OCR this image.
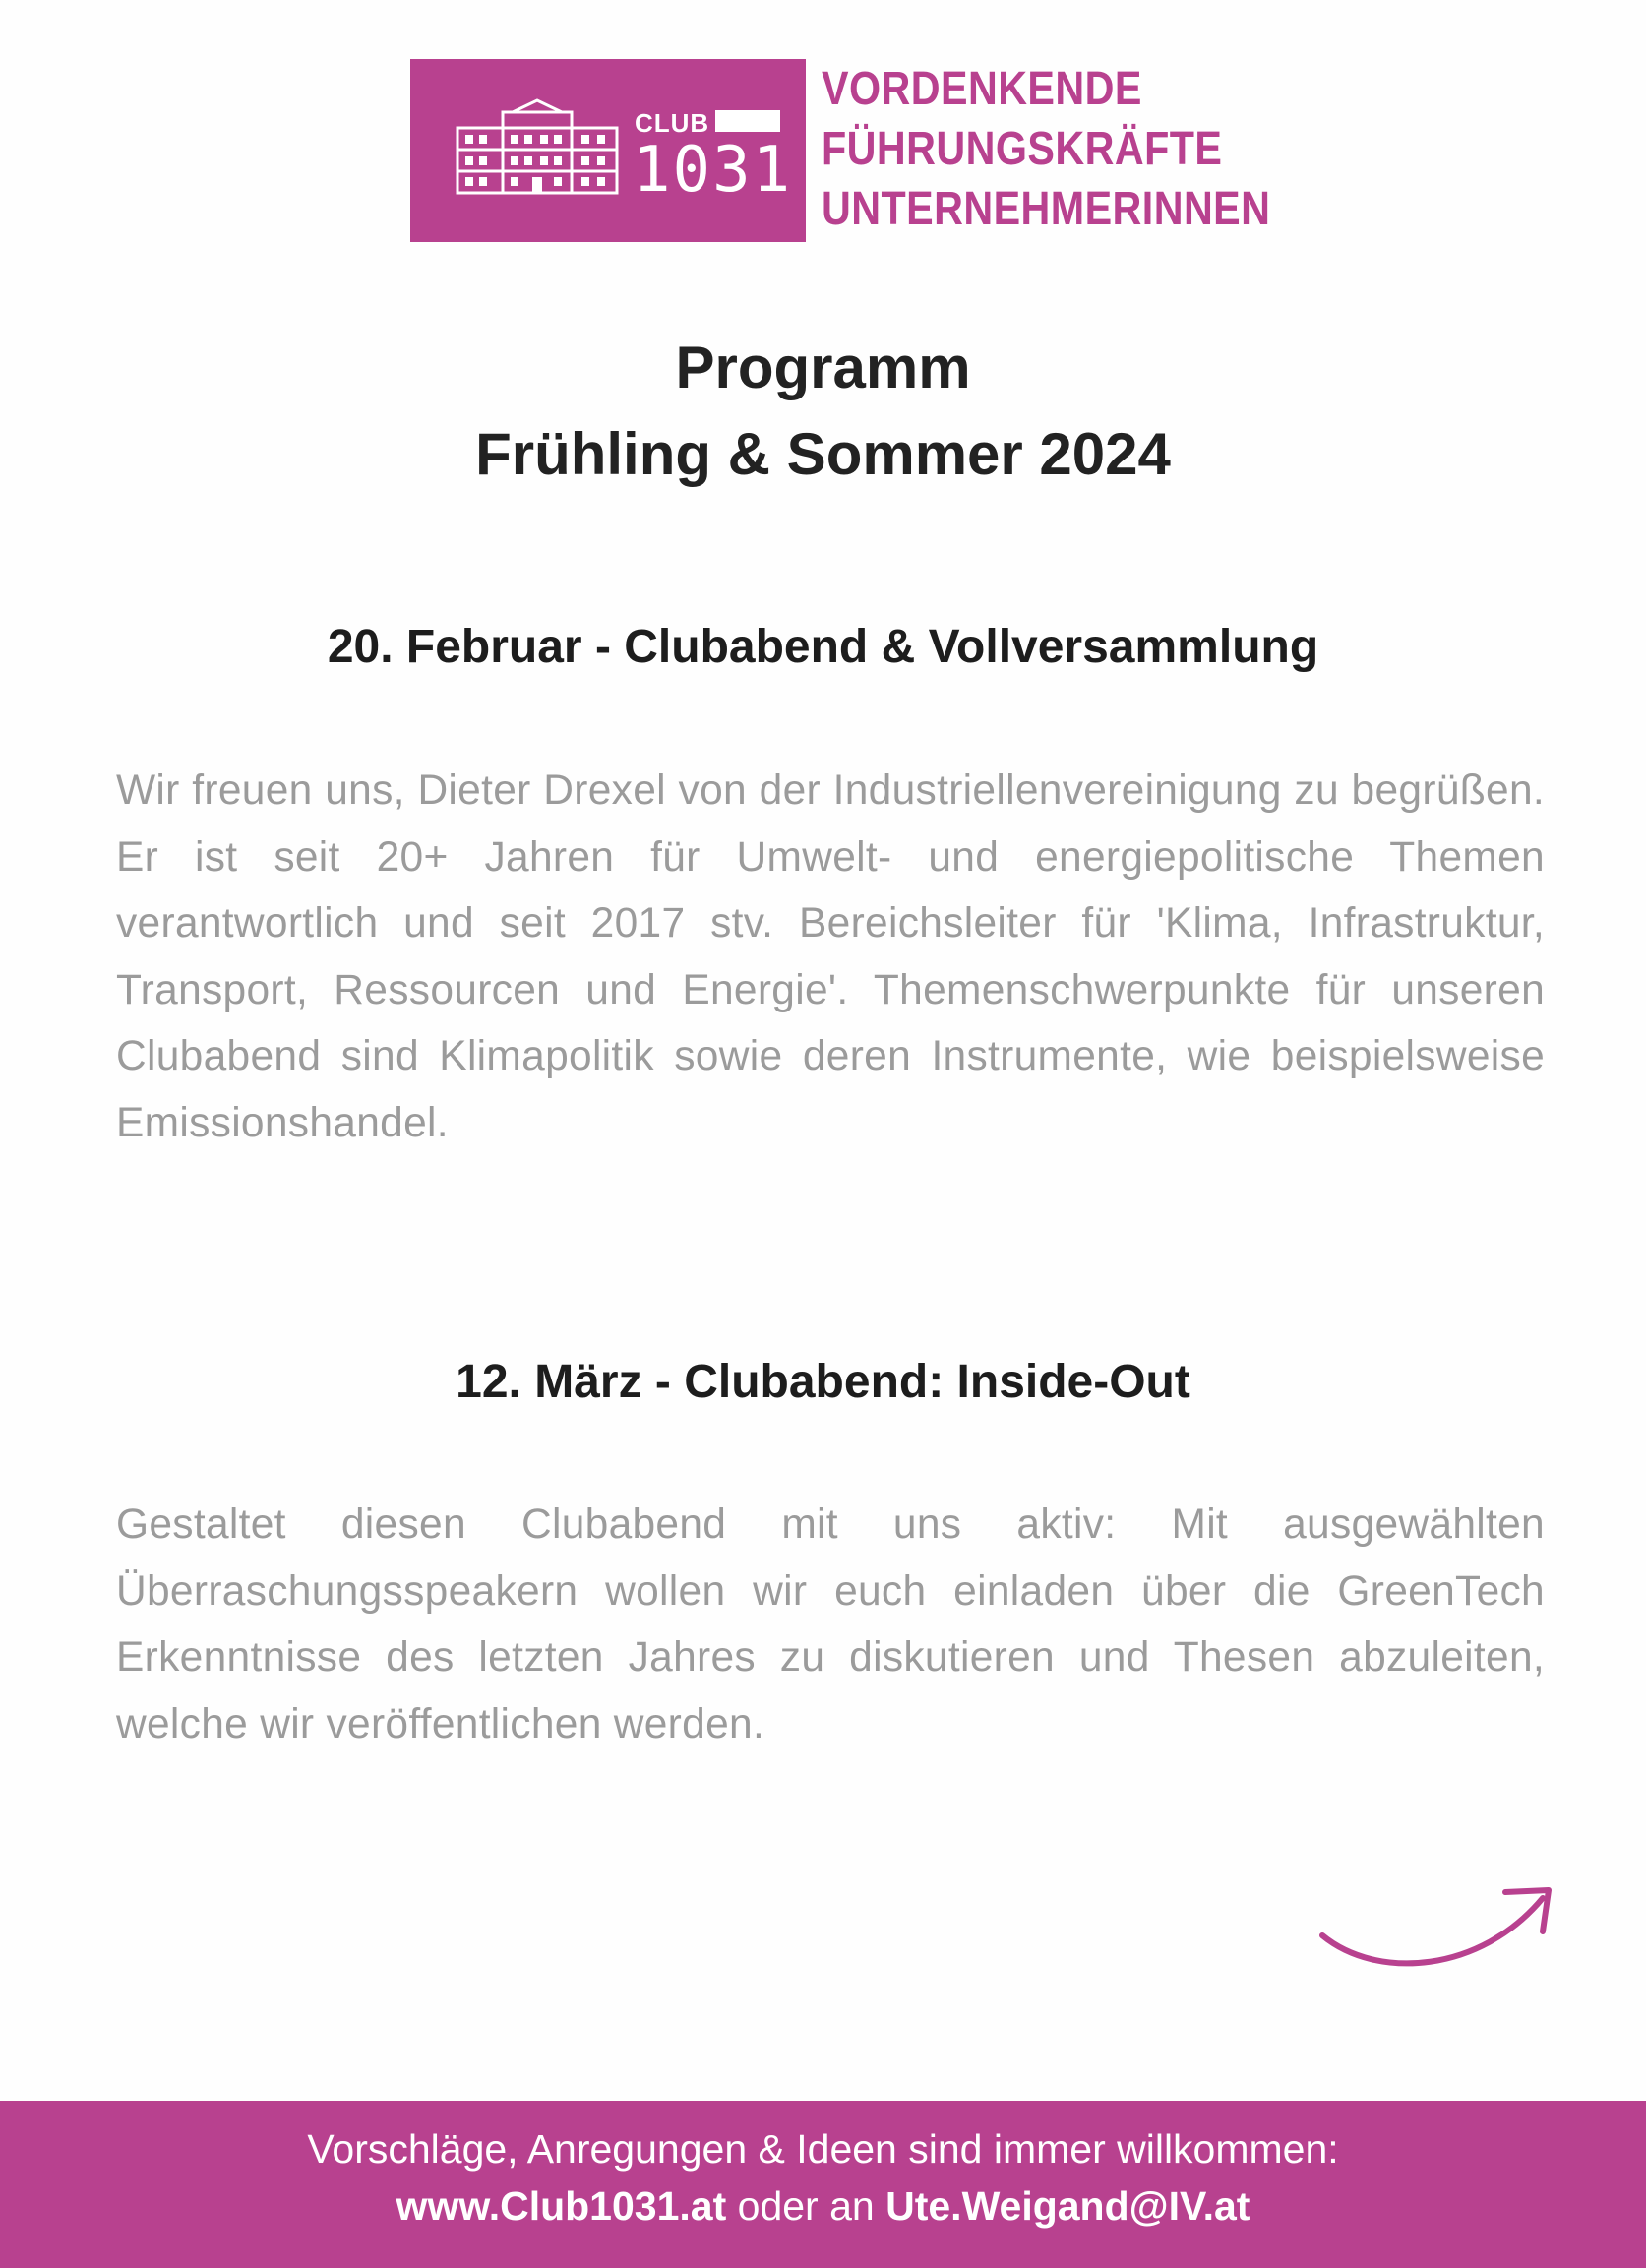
CLUB
1031
VORDENKENDE
FÜHRUNGSKRÄFTE
UNTERNEHMERINNEN
Programm
Frühling & Sommer 2024
20. Februar - Clubabend & Vollversammlung
Wir freuen uns, Dieter Drexel von der Industriellenvereinigung zu begrüßen. Er ist seit 20+ Jahren für Umwelt- und energiepolitische Themen verantwortlich und seit 2017 stv. Bereichsleiter für 'Klima, Infrastruktur, Transport, Ressourcen und Energie'. Themenschwerpunkte für unseren Clubabend sind Klimapolitik sowie deren Instrumente, wie beispielsweise Emissionshandel.
12. März - Clubabend: Inside-Out
Gestaltet diesen Clubabend mit uns aktiv: Mit ausgewählten Überraschungsspeakern wollen wir euch einladen über die GreenTech Erkenntnisse des letzten Jahres zu diskutieren und Thesen abzuleiten, welche wir veröffentlichen werden.
Vorschläge, Anregungen & Ideen sind immer willkommen:
www.Club1031.at oder an Ute.Weigand@IV.at
